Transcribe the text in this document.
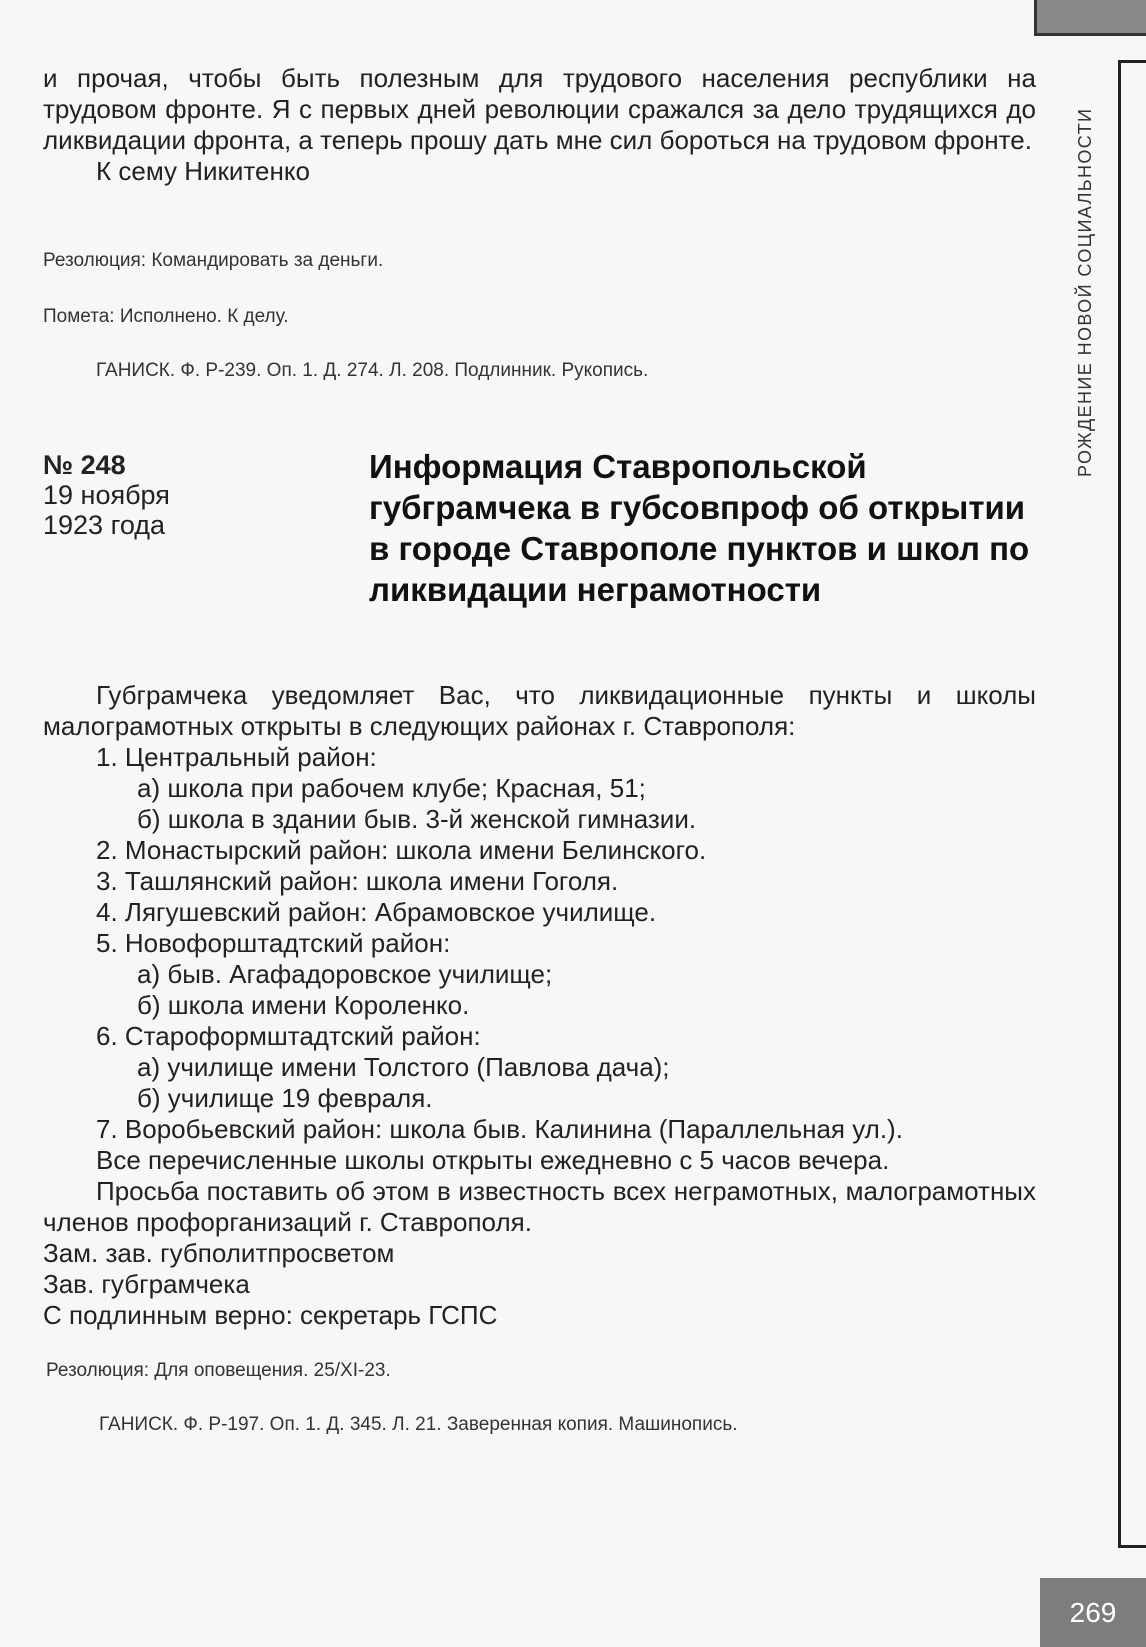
РОЖДЕНИЕ НОВОЙ СОЦИАЛЬНОСТИ

и прочая, чтобы быть полезным для трудового населения республики на трудовом фронте. Я с первых дней революции сражался за дело трудящихся до ликвидации фронта, а теперь прошу дать мне сил бороться на трудовом фронте.

К сему Никитенко

Резолюция: Командировать за деньги.
Помета: Исполнено. К делу.
ГАНИСК. Ф. Р-239. Оп. 1. Д. 274. Л. 208. Подлинник. Рукопись.
№ 248
19 ноября
1923 года
Информация Ставропольской губграмчека в губсовпроф об открытии в городе Ставрополе пунктов и школ по ликвидации неграмотности

Губграмчека уведомляет Вас, что ликвидационные пункты и школы малограмотных открыты в следующих районах г. Ставрополя:

1. Центральный район:
а) школа при рабочем клубе; Красная, 51;
б) школа в здании быв. 3-й женской гимназии.
2. Монастырский район: школа имени Белинского.
3. Ташлянский район: школа имени Гоголя.
4. Лягушевский район: Абрамовское училище.
5. Новофорштадтский район:
а) быв. Агафадоровское училище;
б) школа имени Короленко.
6. Староформштадтский район:
а) училище имени Толстого (Павлова дача);
б) училище 19 февраля.
7. Воробьевский район: школа быв. Калинина (Параллельная ул.).

Все перечисленные школы открыты ежедневно с 5 часов вечера.

Просьба поставить об этом в известность всех неграмотных, малограмотных членов профорганизаций г. Ставрополя.

Зам. зав. губполитпросветом

Зав. губграмчека

С подлинным верно: секретарь ГСПС

Резолюция: Для оповещения. 25/XI-23.
ГАНИСК. Ф. Р-197. Оп. 1. Д. 345. Л. 21. Заверенная копия. Машинопись.
269
